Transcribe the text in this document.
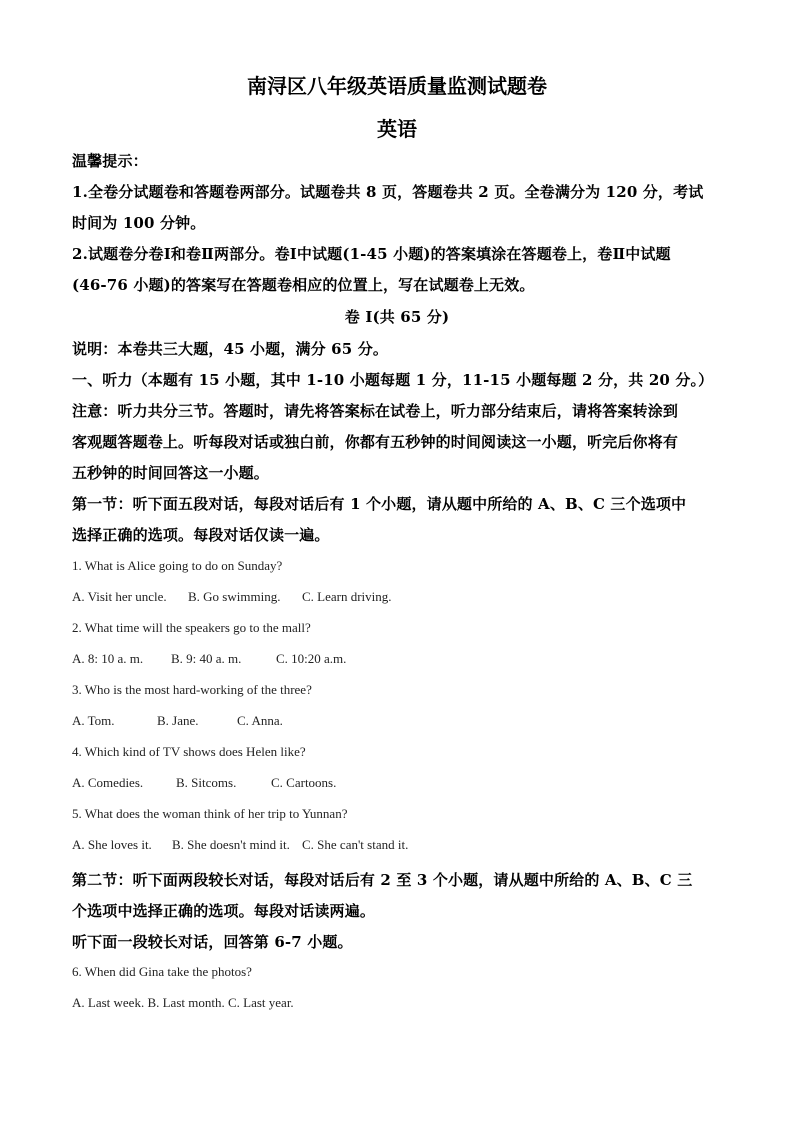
南浔区八年级英语质量监测试题卷
英语
温馨提示：
1.全卷分试题卷和答题卷两部分。试题卷共 8 页，答题卷共 2 页。全卷满分为 120 分，考试
时间为 100 分钟。
2.试题卷分卷Ⅰ和卷Ⅱ两部分。卷Ⅰ中试题(1-45 小题)的答案填涂在答题卷上，卷Ⅱ中试题
(46-76 小题)的答案写在答题卷相应的位置上，写在试题卷上无效。
卷 I(共 65 分)
说明：本卷共三大题，45 小题，满分 65 分。
一、听力（本题有 15 小题，其中 1-10 小题每题 1 分，11-15 小题每题 2 分，共 20 分。）
注意：听力共分三节。答题时，请先将答案标在试卷上，听力部分结束后，请将答案转涂到
客观题答题卷上。听每段对话或独白前，你都有五秒钟的时间阅读这一小题，听完后你将有
五秒钟的时间回答这一小题。
第一节：听下面五段对话，每段对话后有 1 个小题，请从题中所给的 A、B、C 三个选项中
选择正确的选项。每段对话仅读一遍。
1. What is Alice going to do on Sunday?
A. Visit her uncle. B. Go swimming. C. Learn driving.
2. What time will the speakers go to the mall?
A. 8: 10 a. m. B. 9: 40 a. m.	C. 10:20 a.m.
3. Who is the most hard-working of the three?
A. Tom.	B. Jane.	C. Anna.
4. Which kind of TV shows does Helen like?
A. Comedies.	B. Sitcoms.	C. Cartoons.
5. What does the woman think of her trip to Yunnan?
A. She loves it. B. She doesn't mind it. C. She can't stand it.
第二节：听下面两段较长对话，每段对话后有 2 至 3 个小题，请从题中所给的 A、B、C 三
个选项中选择正确的选项。每段对话读两遍。
听下面一段较长对话，回答第 6-7 小题。
6. When did Gina take the photos?
A. Last week. B. Last month. C. Last year.
